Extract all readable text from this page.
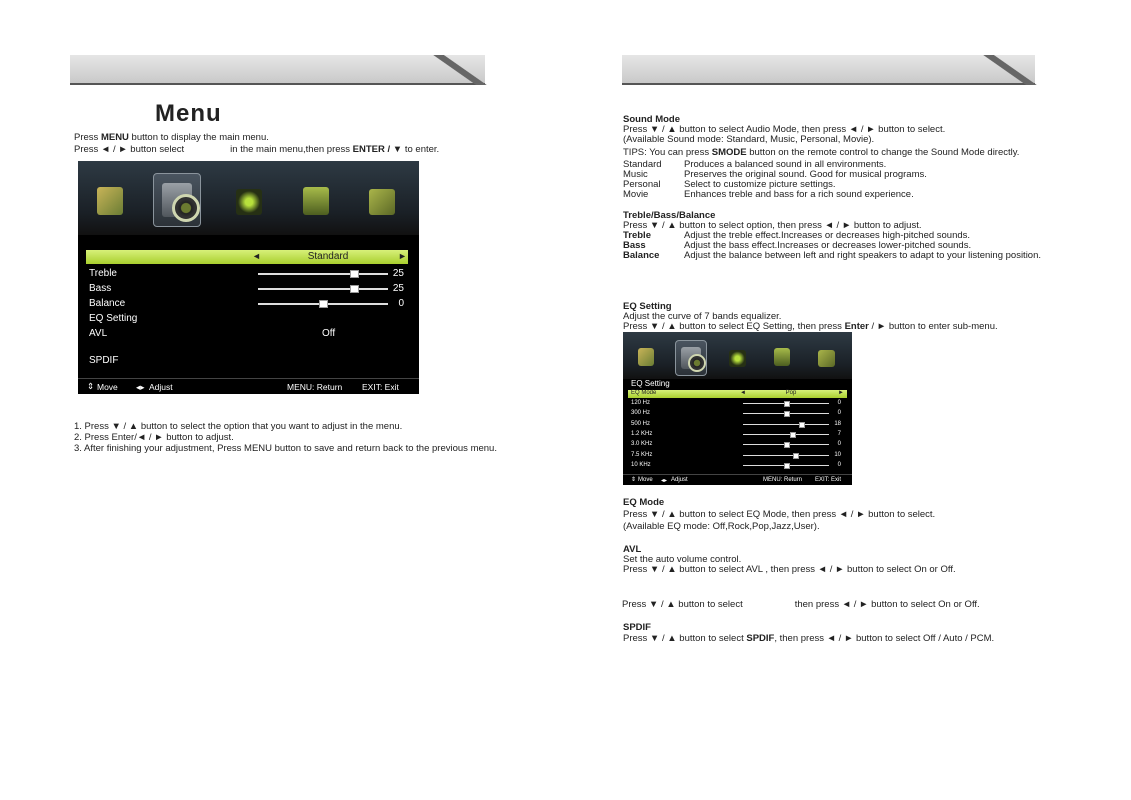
Menu
Press MENU button to display the main menu.
Press ◄ / ► button select	in the main menu,then press ENTER / ▼ to enter.
◄	Standard	►
Treble	25
Bass	25
Balance	0
EQ Setting
AVL	Off
SPDIF
⇕ Move ◂▸ Adjust	MENU: Return EXIT: Exit
1. Press ▼ / ▲ button to select the option that you want to adjust in the menu.
2. Press Enter/◄ / ► button to adjust.
3. After finishing your adjustment, Press MENU button to save and return back to the previous menu.
Sound Mode
Press ▼ / ▲ button to select Audio Mode, then press ◄ / ► button to select.
(Available Sound mode: Standard, Music, Personal, Movie).
TIPS: You can press SMODE button on the remote control to change the Sound Mode directly.
Standard Produces a balanced sound in all environments.
Music	Preserves the original sound. Good for musical programs.
Personal Select to customize picture settings.
Movie	Enhances treble and bass for a rich sound experience.
Treble/Bass/Balance
Press ▼ / ▲ button to select option, then press ◄ / ► button to adjust.
Treble	Adjust the treble effect.Increases or decreases high-pitched sounds.
Bass	Adjust the bass effect.Increases or decreases lower-pitched sounds.
Balance	Adjust the balance between left and right speakers to adapt to your listening position.
EQ Setting
Adjust the curve of 7 bands equalizer.
Press ▼ / ▲ button to select EQ Setting, then press Enter / ► button to enter sub-menu.
EQ Setting
EQ Mode	◄	Pop	►
⇕ Move ◂▸ Adjust	MENU: Return EXIT: Exit
120 Hz	0
300 Hz	0
500 Hz	18
1.2 KHz	7
3.0 KHz	0
7.5 KHz	10
10 KHz	0
EQ Mode
Press ▼ / ▲ button to select EQ Mode, then press ◄ / ► button to select.
(Available EQ mode: Off,Rock,Pop,Jazz,User).
AVL
Set the auto volume control.
Press ▼ / ▲ button to select AVL , then press ◄ / ► button to select On or Off.
Press ▼ / ▲ button to select	then press ◄ / ► button to select On or Off.
SPDIF
Press ▼ / ▲ button to select SPDIF, then press ◄ / ► button to select Off / Auto / PCM.
